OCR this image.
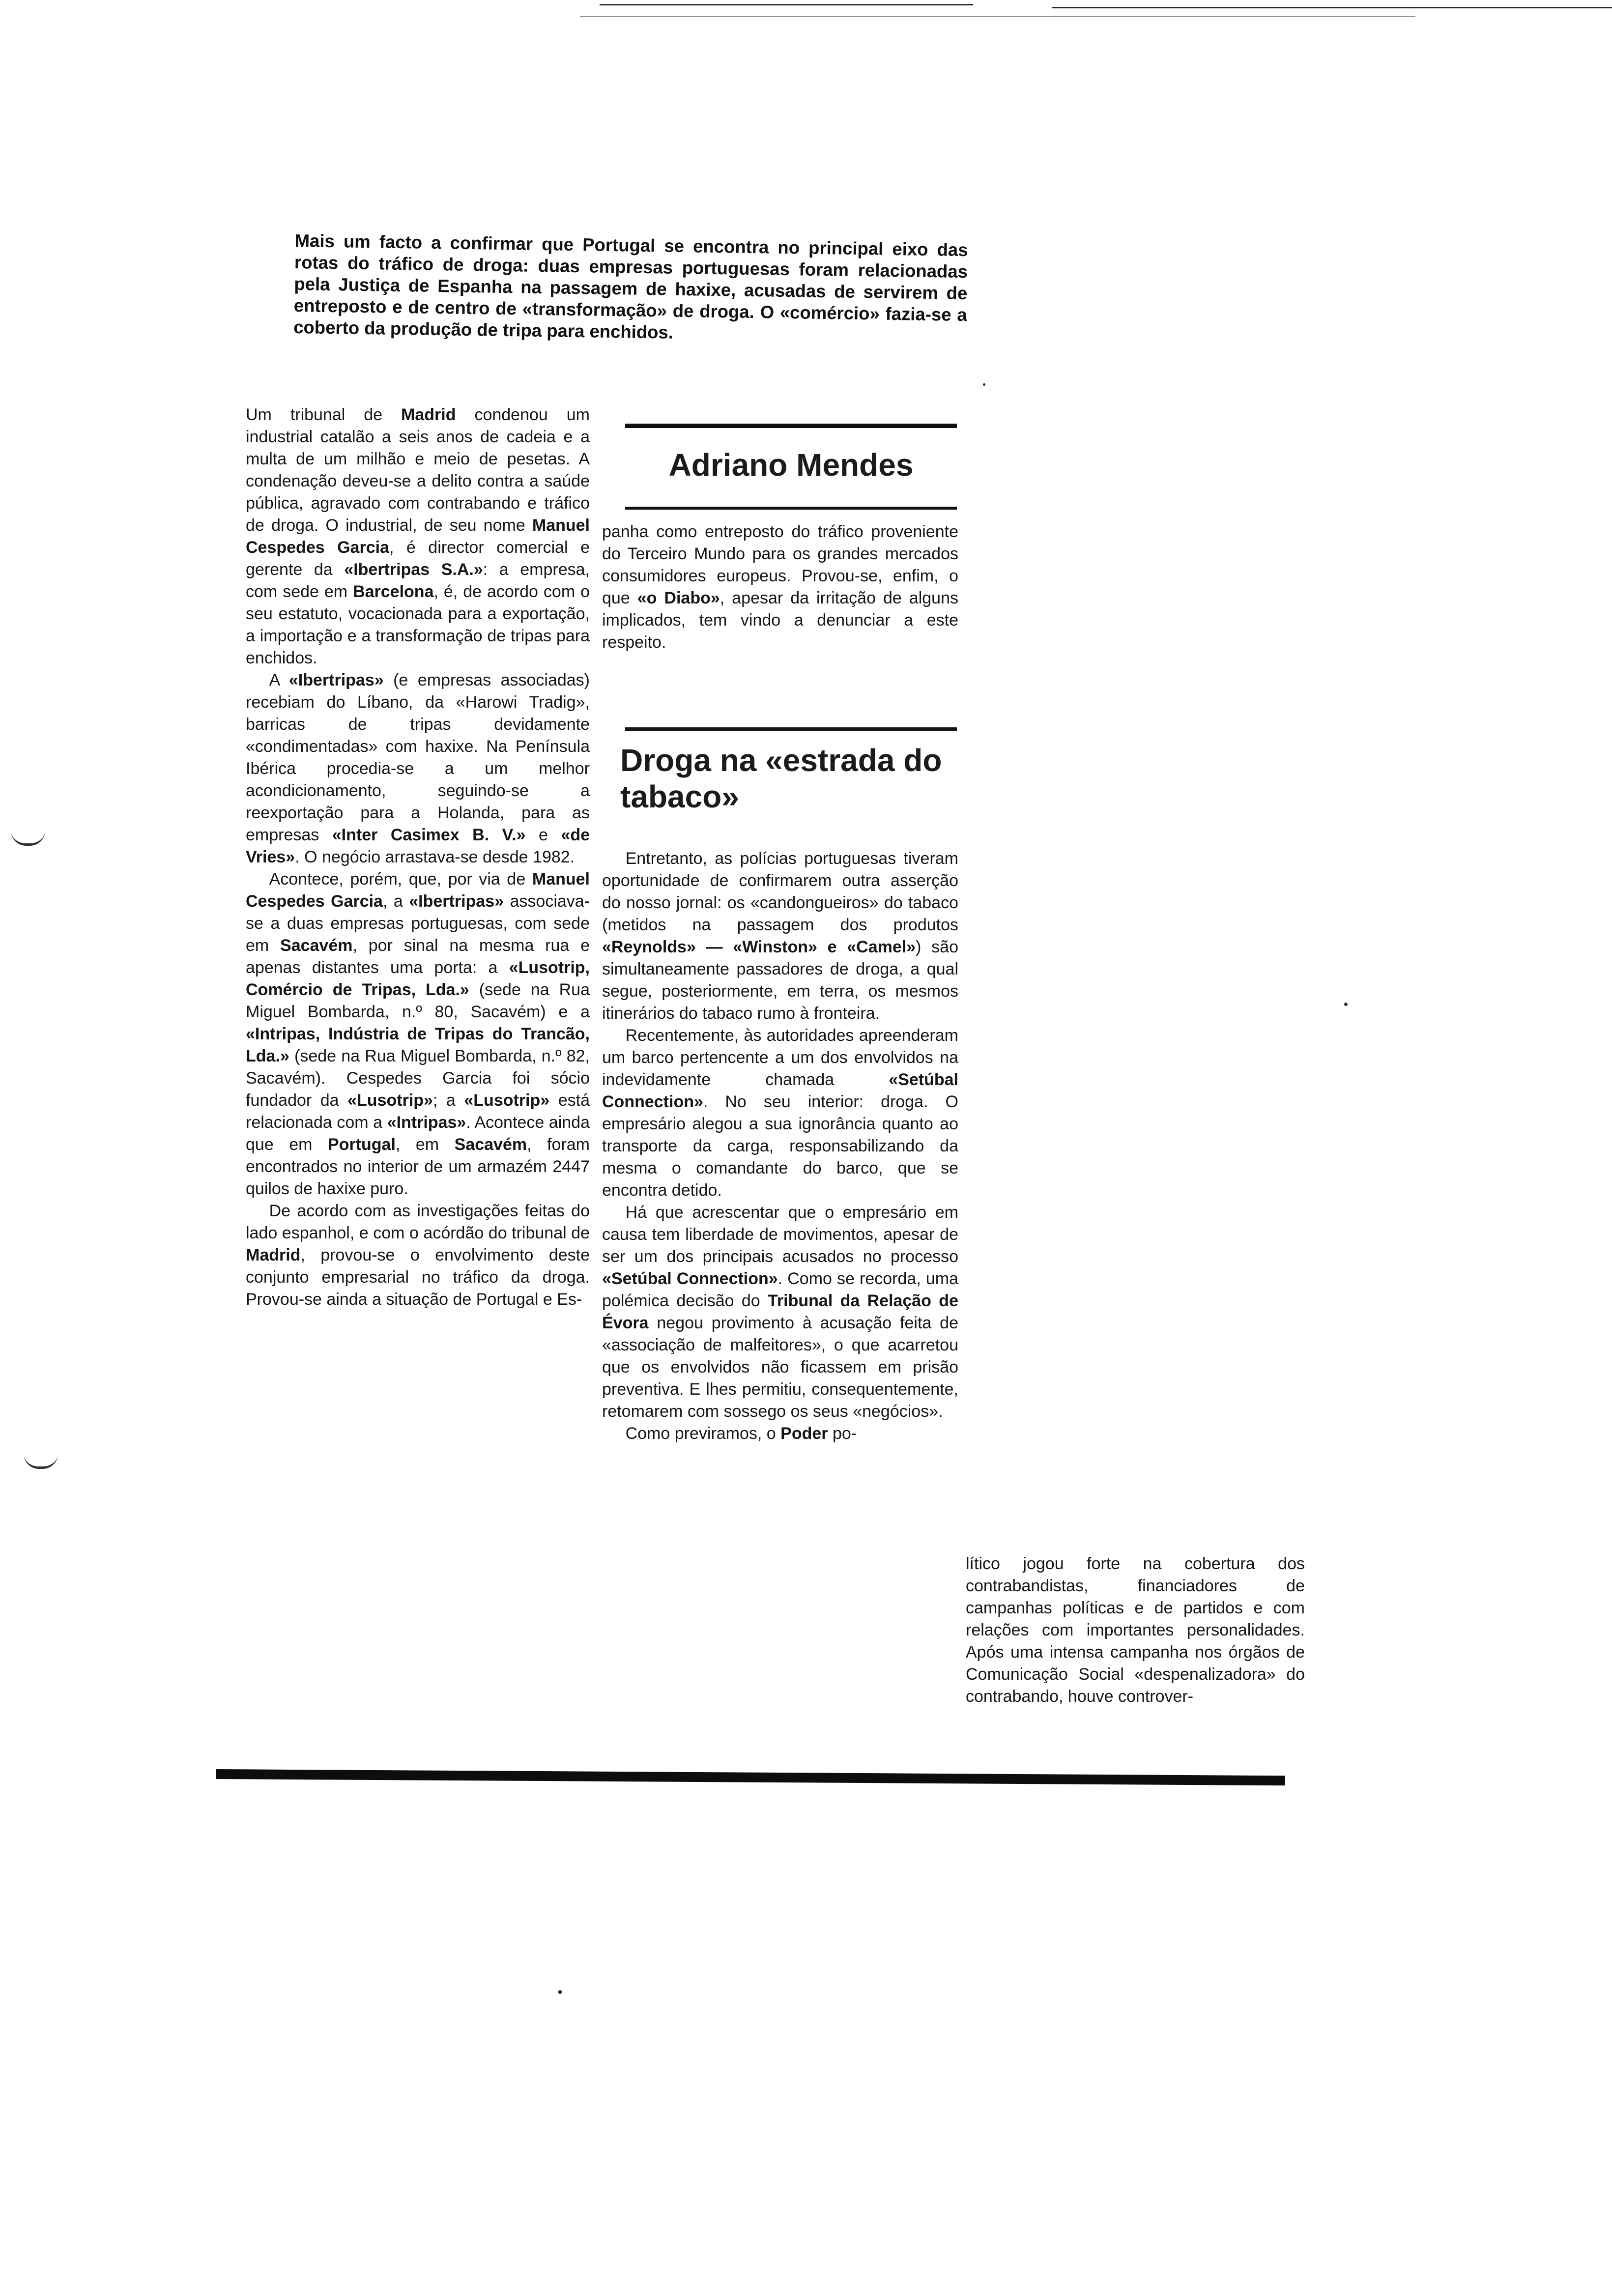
Mais um facto a confirmar que Portugal se encontra no principal eixo das rotas do tráfico de droga: duas empresas portuguesas foram relacionadas pela Justiça de Espanha na passagem de haxixe, acusadas de servirem de entreposto e de centro de «transformação» de droga. O «comércio» fazia-se a coberto da produção de tripa para enchidos.

Um tribunal de Madrid condenou um industrial catalão a seis anos de cadeia e a multa de um milhão e meio de pesetas. A condenação deveu-se a delito contra a saúde pública, agravado com contrabando e tráfico de droga. O industrial, de seu nome Manuel Cespedes Garcia, é director comercial e gerente da «Ibertripas S.A.»: a empresa, com sede em Barcelona, é, de acordo com o seu estatuto, vocacionada para a exportação, a importação e a transformação de tripas para enchidos.

A «Ibertripas» (e empresas associadas) recebiam do Líbano, da «Harowi Tradig», barricas de tripas devidamente «condimentadas» com haxixe. Na Península Ibérica procedia-se a um melhor acondicionamento, seguindo-se a reexportação para a Holanda, para as empresas «Inter Casimex B. V.» e «de Vries». O negócio arrastava-se desde 1982.

Acontece, porém, que, por via de Manuel Cespedes Garcia, a «Ibertripas» associava-se a duas empresas portuguesas, com sede em Sacavém, por sinal na mesma rua e apenas distantes uma porta: a «Lusotrip, Comércio de Tripas, Lda.» (sede na Rua Miguel Bombarda, n.º 80, Sacavém) e a «Intripas, Indústria de Tripas do Trancão, Lda.» (sede na Rua Miguel Bombarda, n.º 82, Sacavém). Cespedes Garcia foi sócio fundador da «Lusotrip»; a «Lusotrip» está relacionada com a «Intripas». Acontece ainda que em Portugal, em Sacavém, foram encontrados no interior de um armazém 2447 quilos de haxixe puro.

De acordo com as investigações feitas do lado espanhol, e com o acórdão do tribunal de Madrid, provou-se o envolvimento deste conjunto empresarial no tráfico da droga. Provou-se ainda a situação de Portugal e Es-

Adriano Mendes

panha como entreposto do tráfico proveniente do Terceiro Mundo para os grandes mercados consumidores europeus. Provou-se, enfim, o que «o Diabo», apesar da irritação de alguns implicados, tem vindo a denunciar a este respeito.

Droga na «estrada do tabaco»

Entretanto, as polícias portuguesas tiveram oportunidade de confirmarem outra asserção do nosso jornal: os «candongueiros» do tabaco (metidos na passagem dos produtos «Reynolds» — «Winston» e «Camel») são simultaneamente passadores de droga, a qual segue, posteriormente, em terra, os mesmos itinerários do tabaco rumo à fronteira.

Recentemente, às autoridades apreenderam um barco pertencente a um dos envolvidos na indevidamente chamada «Setúbal Connection». No seu interior: droga. O empresário alegou a sua ignorância quanto ao transporte da carga, responsabilizando da mesma o comandante do barco, que se encontra detido.

Há que acrescentar que o empresário em causa tem liberdade de movimentos, apesar de ser um dos principais acusados no processo «Setúbal Connection». Como se recorda, uma polémica decisão do Tribunal da Relação de Évora negou provimento à acusação feita de «associação de malfeitores», o que acarretou que os envolvidos não ficassem em prisão preventiva. E lhes permitiu, consequentemente, retomarem com sossego os seus «negócios».

Como previramos, o Poder po-

lítico jogou forte na cobertura dos contrabandistas, financiadores de campanhas políticas e de partidos e com relações com importantes personalidades. Após uma intensa campanha nos órgãos de Comunicação Social «despenalizadora» do contrabando, houve controver-
